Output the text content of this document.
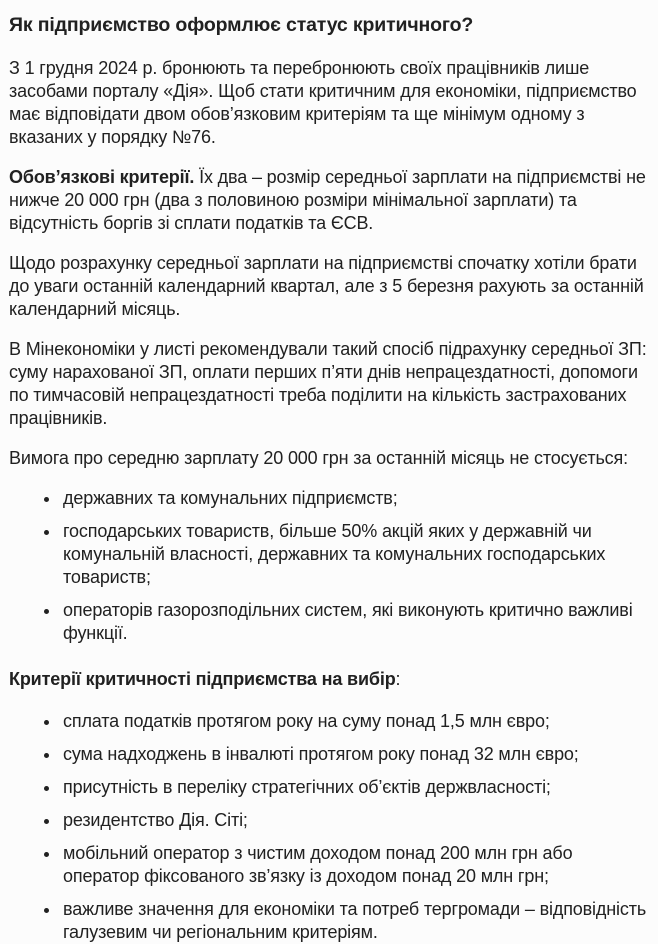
Як підприємство оформлює статус критичного?

З 1 грудня 2024 р. бронюють та перебронюють своїх працівників лише засобами порталу «Дія». Щоб стати критичним для економіки, підприємство має відповідати двом обов’язковим критеріям та ще мінімум одному з вказаних у порядку №76.

Обов’язкові критерії. Їх два – розмір середньої зарплати на підприємстві не нижче 20 000 грн (два з половиною розміри мінімальної зарплати) та відсутність боргів зі сплати податків та ЄСВ.

Щодо розрахунку середньої зарплати на підприємстві спочатку хотіли брати до уваги останній календарний квартал, але з 5 березня рахують за останній календарний місяць.

В Мінекономіки у листі рекомендували такий спосіб підрахунку середньої ЗП: суму нарахованої ЗП, оплати перших п’яти днів непрацездатності, допомоги по тимчасовій непрацездатності треба поділити на кількість застрахованих працівників.

Вимога про середню зарплату 20 000 грн за останній місяць не стосується:

• державних та комунальних підприємств;
• господарських товариств, більше 50% акцій яких у державній чи комунальній власності, державних та комунальних господарських товариств;
• операторів газорозподільних систем, які виконують критично важливі функції.
Критерії критичності підприємства на вибір:
• сплата податків протягом року на суму понад 1,5 млн євро;
• сума надходжень в інвалюті протягом року понад 32 млн євро;
• присутність в переліку стратегічних об’єктів держвласності;
• резидентство Дія. Сіті;
• мобільний оператор з чистим доходом понад 200 млн грн або оператор фіксованого зв’язку із доходом понад 20 млн грн;
• важливе значення для економіки та потреб тергромади – відповідність галузевим чи регіональним критеріям.
